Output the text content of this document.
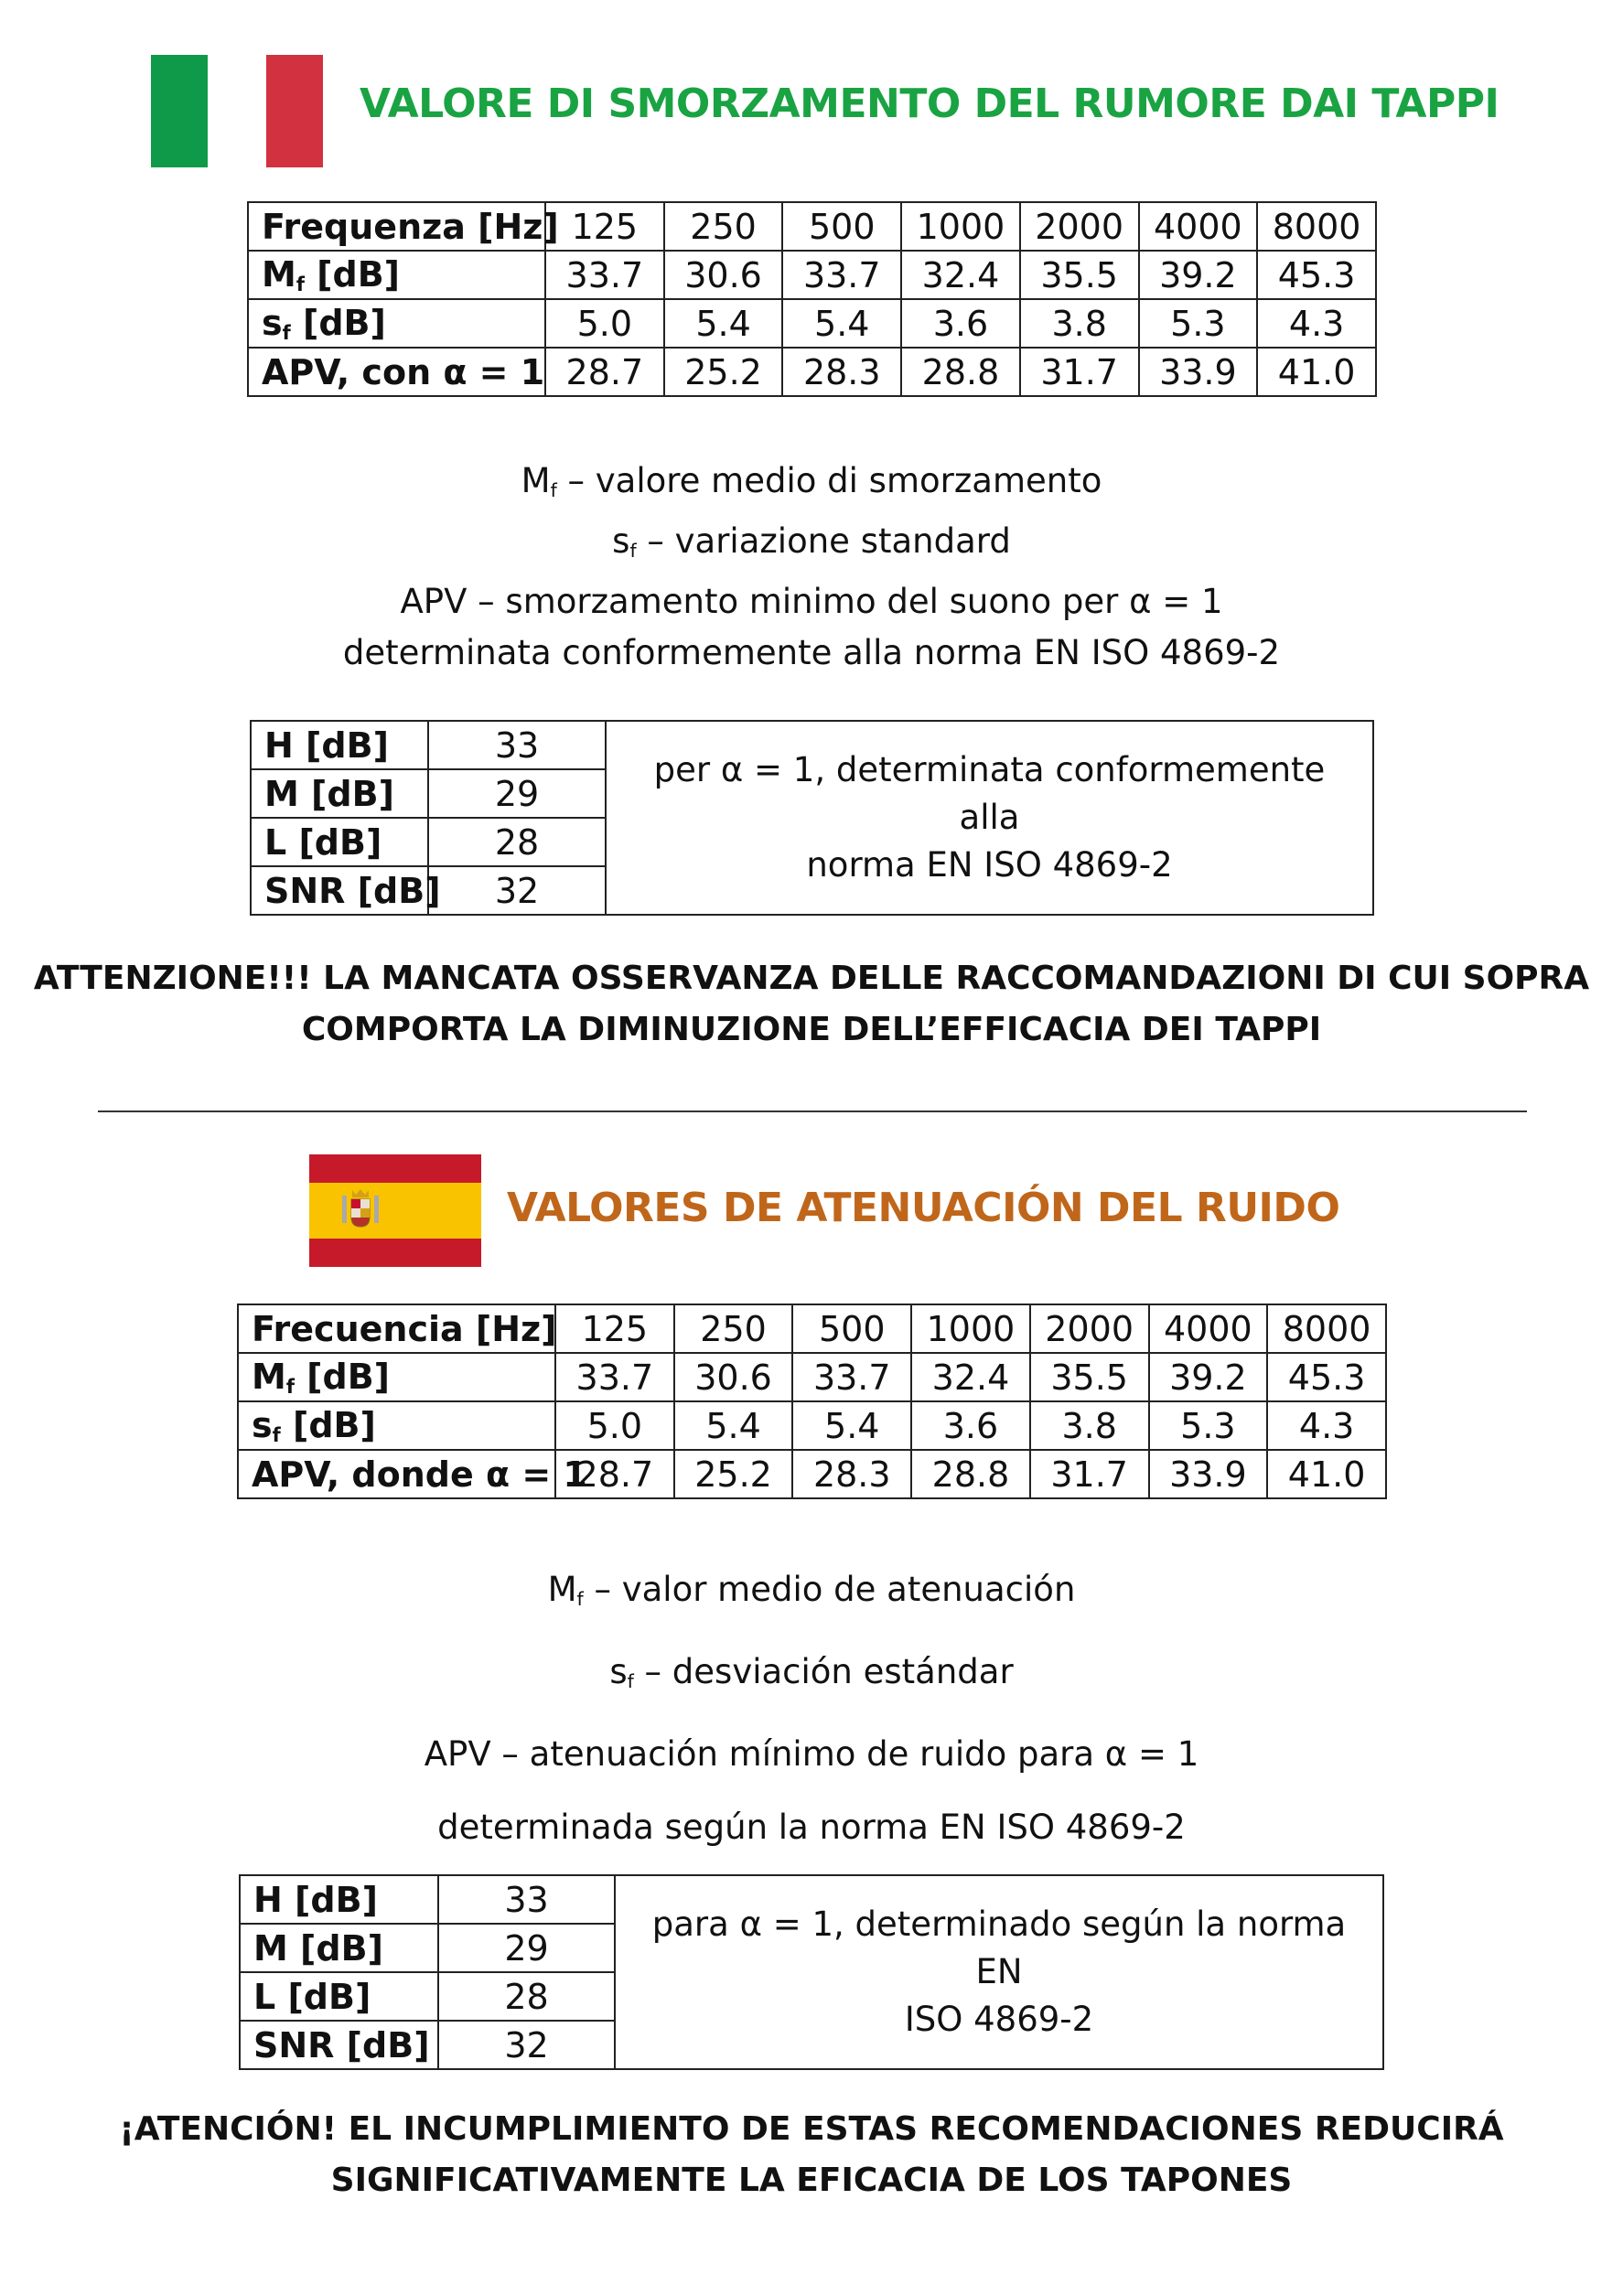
VALORE DI SMORZAMENTO DEL RUMORE DAI TAPPI
Frequenza [Hz]	125	250	500	1000	2000	4000	8000
$M_f$ [dB]	33.7	30.6	33.7	32.4	35.5	39.2	45.3
$s_f$ [dB]	5.0	5.4	5.4	3.6	3.8	5.3	4.3
APV, con α = 1	28.7	25.2	28.3	28.8	31.7	33.9	41.0
Mf – valore medio di smorzamento
sf – variazione standard
APV – smorzamento minimo del suono per α = 1
determinata conformemente alla norma EN ISO 4869-2
H [dB]	33	per α = 1, determinata conformemente alla
norma EN ISO 4869-2
M [dB]	29	
L [dB]	28	
SNR [dB]	32	
ATTENZIONE!!! LA MANCATA OSSERVANZA DELLE RACCOMANDAZIONI DI CUI SOPRA
COMPORTA LA DIMINUZIONE DELL’EFFICACIA DEI TAPPI
VALORES DE ATENUACIÓN DEL RUIDO
Frecuencia [Hz]	125	250	500	1000	2000	4000	8000
$M_f$ [dB]	33.7	30.6	33.7	32.4	35.5	39.2	45.3
$s_f$ [dB]	5.0	5.4	5.4	3.6	3.8	5.3	4.3
APV, donde α = 1	28.7	25.2	28.3	28.8	31.7	33.9	41.0
Mf – valor medio de atenuación
sf – desviación estándar
APV – atenuación mínimo de ruido para α = 1
determinada según la norma EN ISO 4869-2
H [dB]	33	para α = 1, determinado según la norma EN
ISO 4869-2
M [dB]	29	
L [dB]	28	
SNR [dB]	32	
¡ATENCIÓN! EL INCUMPLIMIENTO DE ESTAS RECOMENDACIONES REDUCIRÁ
SIGNIFICATIVAMENTE LA EFICACIA DE LOS TAPONES
